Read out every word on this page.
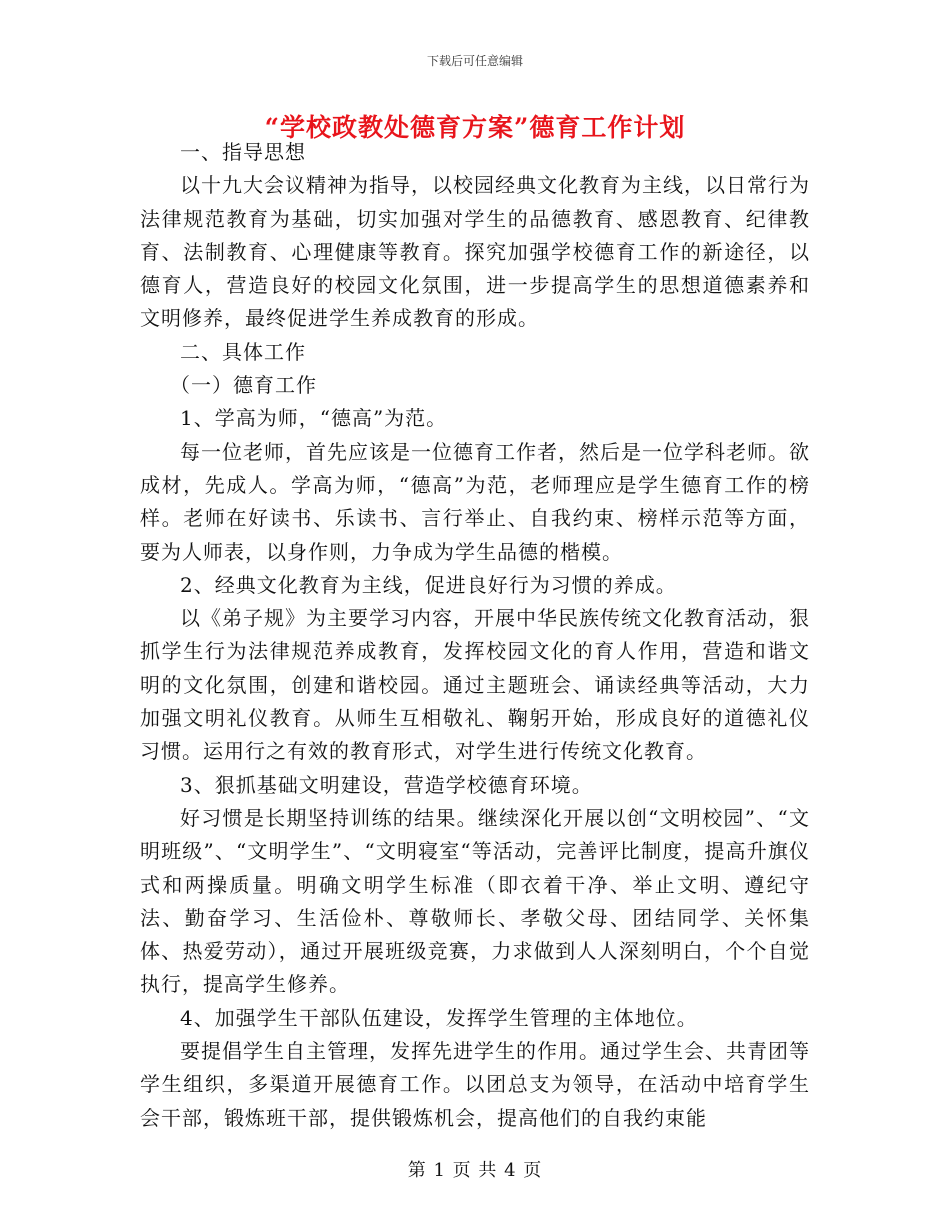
下载后可任意编辑
“学校政教处德育方案”德育工作计划

一、指导思想

以十九大会议精神为指导，以校园经典文化教育为主线，以日常行为法律规范教育为基础，切实加强对学生的品德教育、感恩教育、纪律教育、法制教育、心理健康等教育。探究加强学校德育工作的新途径，以德育人，营造良好的校园文化氛围，进一步提高学生的思想道德素养和文明修养，最终促进学生养成教育的形成。

二、具体工作

（一）德育工作

1、学高为师，“德高”为范。

每一位老师，首先应该是一位德育工作者，然后是一位学科老师。欲成材，先成人。学高为师，“德高”为范，老师理应是学生德育工作的榜样。老师在好读书、乐读书、言行举止、自我约束、榜样示范等方面，要为人师表，以身作则，力争成为学生品德的楷模。

2、经典文化教育为主线，促进良好行为习惯的养成。

以《弟子规》为主要学习内容，开展中华民族传统文化教育活动，狠抓学生行为法律规范养成教育，发挥校园文化的育人作用，营造和谐文明的文化氛围，创建和谐校园。通过主题班会、诵读经典等活动，大力加强文明礼仪教育。从师生互相敬礼、鞠躬开始，形成良好的道德礼仪习惯。运用行之有效的教育形式，对学生进行传统文化教育。

3、狠抓基础文明建设，营造学校德育环境。

好习惯是长期坚持训练的结果。继续深化开展以创“文明校园”、“文明班级”、“文明学生”、“文明寝室“等活动，完善评比制度，提高升旗仪式和两操质量。明确文明学生标准（即衣着干净、举止文明、遵纪守法、勤奋学习、生活俭朴、尊敬师长、孝敬父母、团结同学、关怀集体、热爱劳动），通过开展班级竞赛，力求做到人人深刻明白，个个自觉执行，提高学生修养。

4、加强学生干部队伍建设，发挥学生管理的主体地位。

要提倡学生自主管理，发挥先进学生的作用。通过学生会、共青团等学生组织，多渠道开展德育工作。以团总支为领导，在活动中培育学生会干部，锻炼班干部，提供锻炼机会，提高他们的自我约束能

第 1 页 共 4 页
